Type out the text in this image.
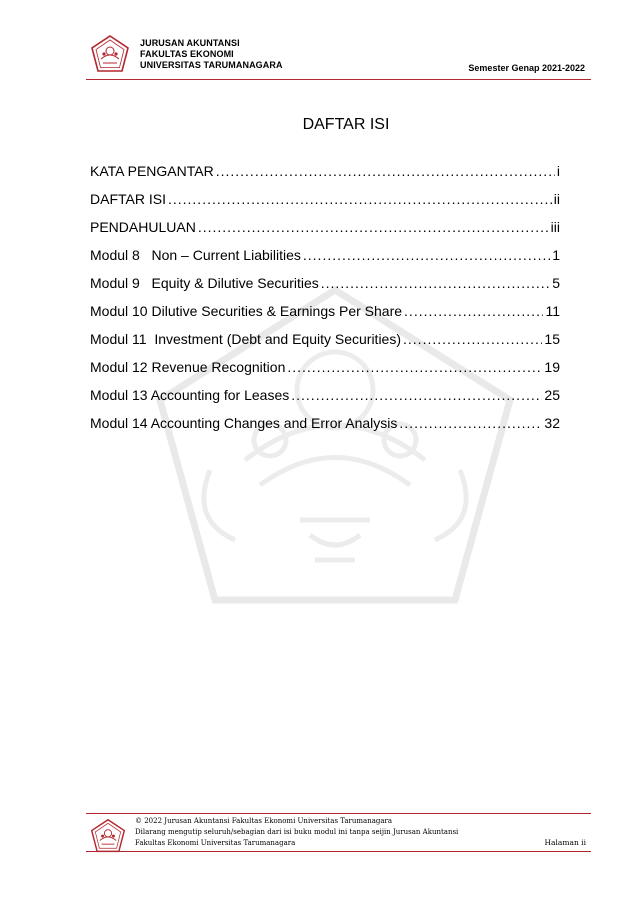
JURUSAN AKUNTANSI
FAKULTAS EKONOMI
UNIVERSITAS TARUMANAGARA	Semester Genap 2021-2022
DAFTAR ISI
KATA PENGANTAR .....	i
DAFTAR ISI .....	ii
PENDAHULUAN .....	iii
Modul 8   Non – Current Liabilities .....	1
Modul 9   Equity & Dilutive Securities .....	5
Modul 10 Dilutive Securities & Earnings Per Share .....	11
Modul 11  Investment (Debt and Equity Securities) .....	15
Modul 12 Revenue Recognition .....	19
Modul 13 Accounting for Leases .....	25
Modul 14 Accounting Changes and Error Analysis .....	32
© 2022 Jurusan Akuntansi Fakultas Ekonomi Universitas Tarumanagara
Dilarang mengutip seluruh/sebagian dari isi buku modul ini tanpa seijin Jurusan Akuntansi
Fakultas Ekonomi Universitas Tarumanagara	Halaman ii
